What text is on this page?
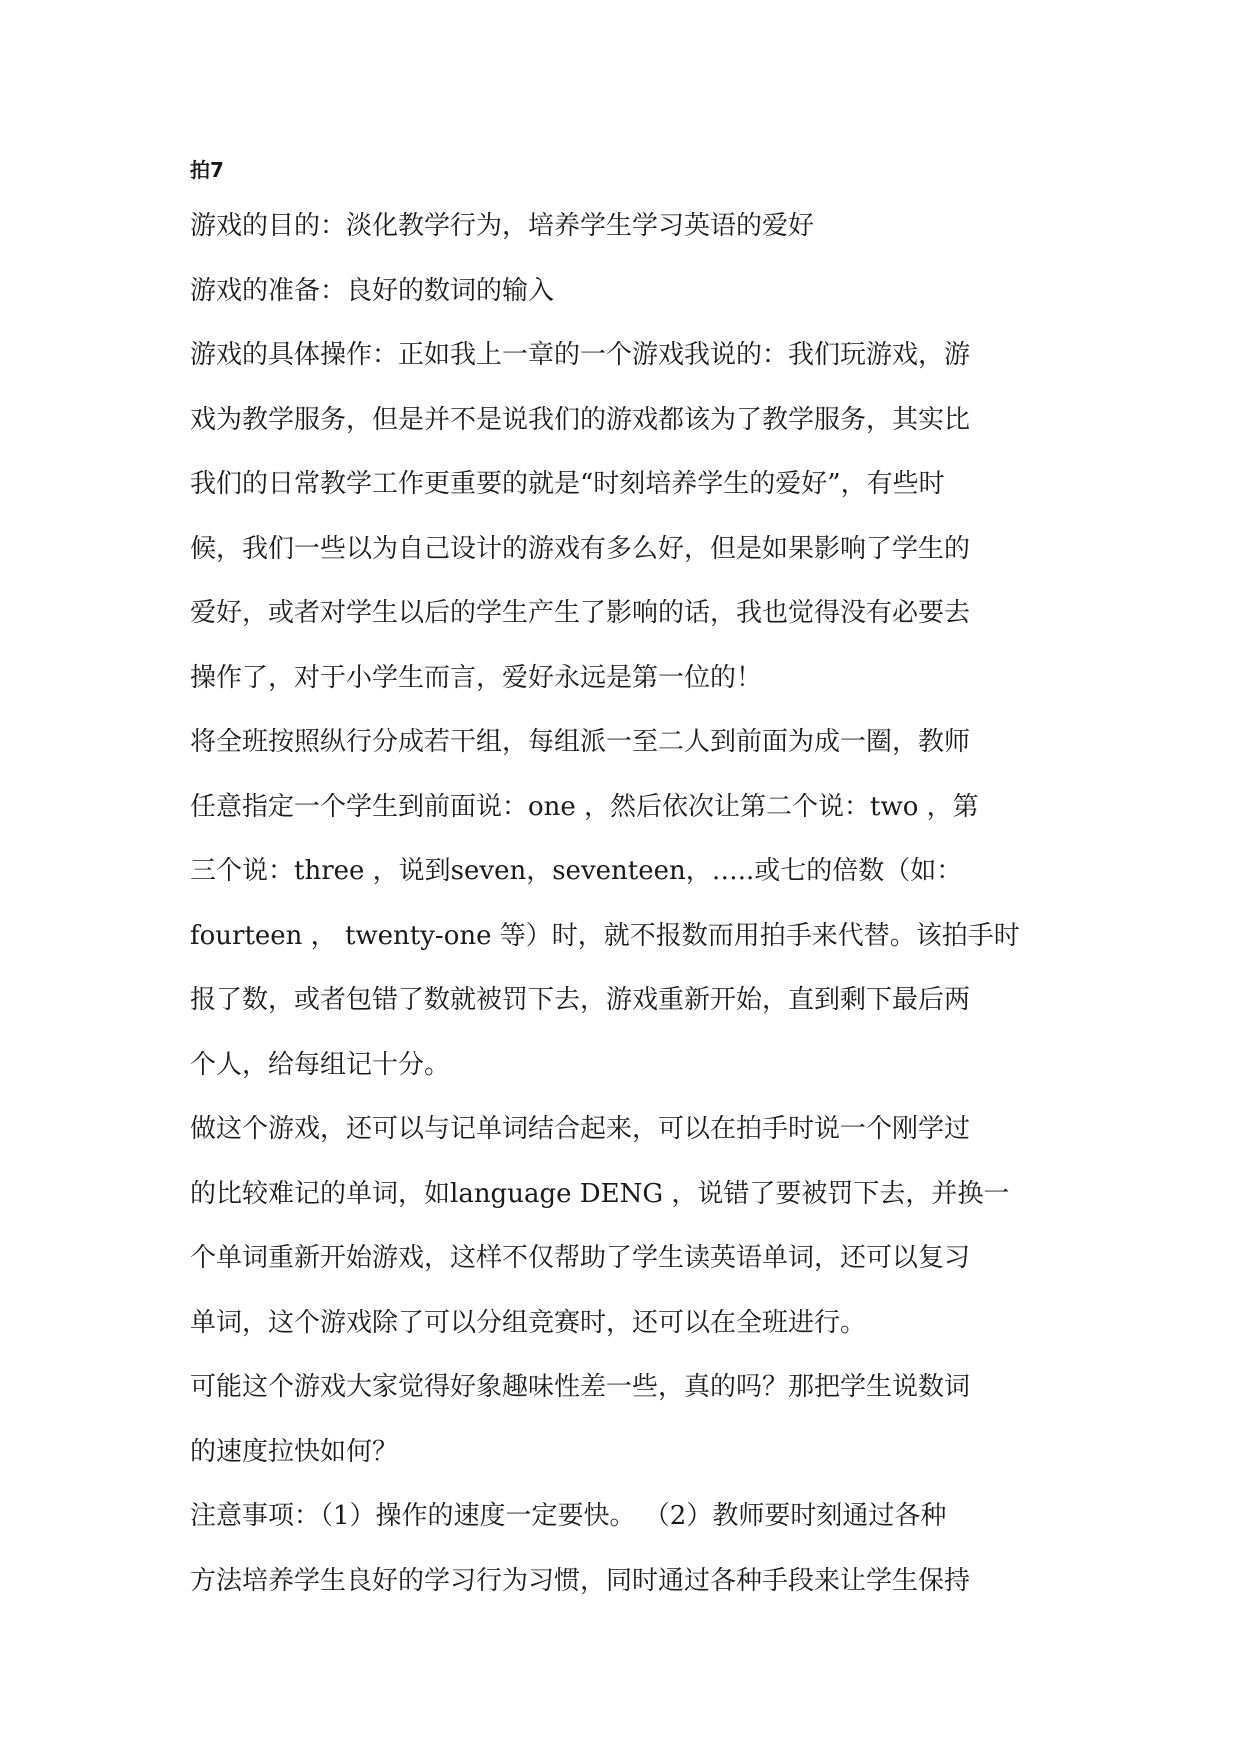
拍7

游戏的目的：淡化教学行为，培养学生学习英语的爱好

游戏的准备：良好的数词的输入

游戏的具体操作：正如我上一章的一个游戏我说的：我们玩游戏，游

戏为教学服务，但是并不是说我们的游戏都该为了教学服务，其实比

我们的日常教学工作更重要的就是“时刻培养学生的爱好”，有些时

候，我们一些以为自己设计的游戏有多么好，但是如果影响了学生的

爱好，或者对学生以后的学生产生了影响的话，我也觉得没有必要去

操作了，对于小学生而言，爱好永远是第一位的！

将全班按照纵行分成若干组，每组派一至二人到前面为成一圈，教师

任意指定一个学生到前面说：one ，然后依次让第二个说：two ，第

三个说：three ，说到seven，seventeen，…..或七的倍数（如：

fourteen ， twenty-one 等）时，就不报数而用拍手来代替。该拍手时

报了数，或者包错了数就被罚下去，游戏重新开始，直到剩下最后两

个人，给每组记十分。

做这个游戏，还可以与记单词结合起来，可以在拍手时说一个刚学过

的比较难记的单词，如language DENG ，说错了要被罚下去，并换一

个单词重新开始游戏，这样不仅帮助了学生读英语单词，还可以复习

单词，这个游戏除了可以分组竞赛时，还可以在全班进行。

可能这个游戏大家觉得好象趣味性差一些，真的吗？那把学生说数词

的速度拉快如何？

注意事项：（1）操作的速度一定要快。 （2）教师要时刻通过各种

方法培养学生良好的学习行为习惯，同时通过各种手段来让学生保持
